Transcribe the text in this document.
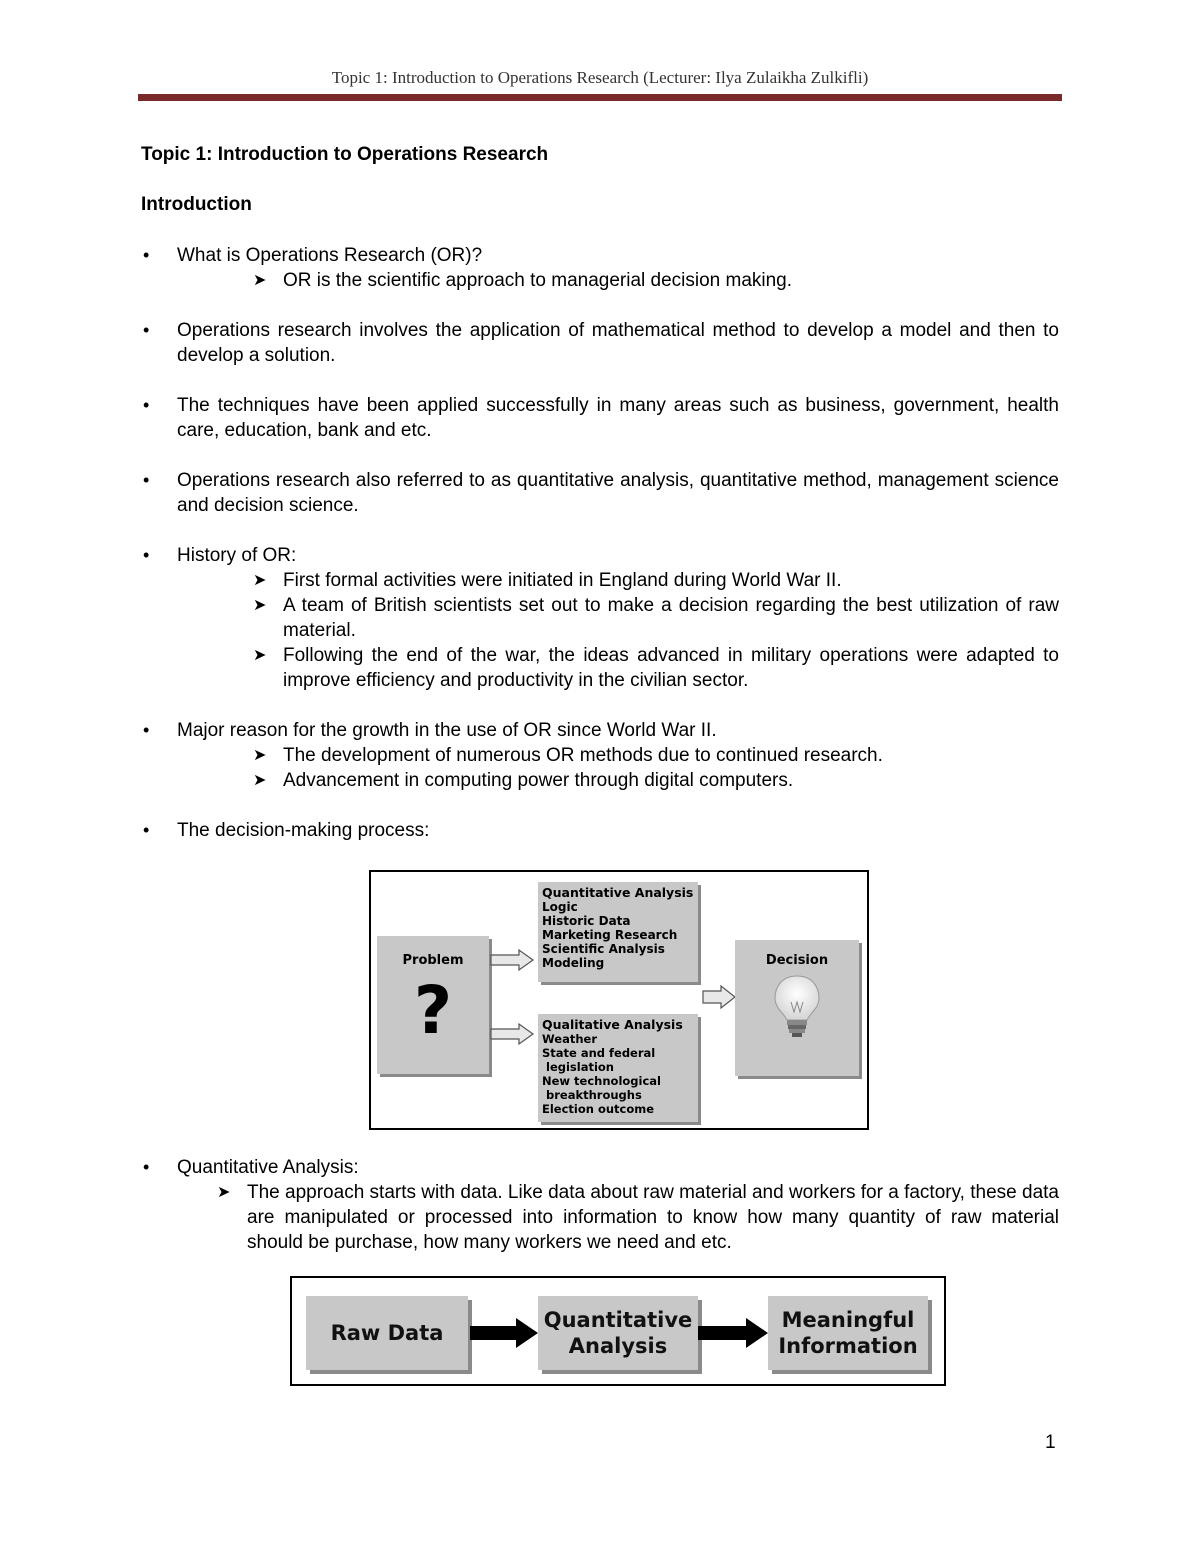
Topic 1: Introduction to Operations Research (Lecturer: Ilya Zulaikha Zulkifli)

Topic 1: Introduction to Operations Research

Introduction

• What is Operations Research (OR)?
➤ OR is the scientific approach to managerial decision making.
• Operations research involves the application of mathematical method to develop a model and then to develop a solution.
• The techniques have been applied successfully in many areas such as business, government, health care, education, bank and etc.
• Operations research also referred to as quantitative analysis, quantitative method, management science and decision science.
• History of OR:
➤ First formal activities were initiated in England during World War II.
➤ A team of British scientists set out to make a decision regarding the best utilization of raw material.
➤ Following the end of the war, the ideas advanced in military operations were adapted to improve efficiency and productivity in the civilian sector.
• Major reason for the growth in the use of OR since World War II.
➤ The development of numerous OR methods due to continued research.
➤ Advancement in computing power through digital computers.
• The decision-making process:
Problem
?
Quantitative Analysis
Logic
Historic Data
Marketing Research
Scientific Analysis
Modeling
Qualitative Analysis
Weather
State and federal
legislation
New technological
breakthroughs
Election outcome
Decision
• Quantitative Analysis:
➤ The approach starts with data. Like data about raw material and workers for a factory, these data are manipulated or processed into information to know how many quantity of raw material should be purchase, how many workers we need and etc.
Raw Data
Quantitative Analysis
Meaningful Information
1
